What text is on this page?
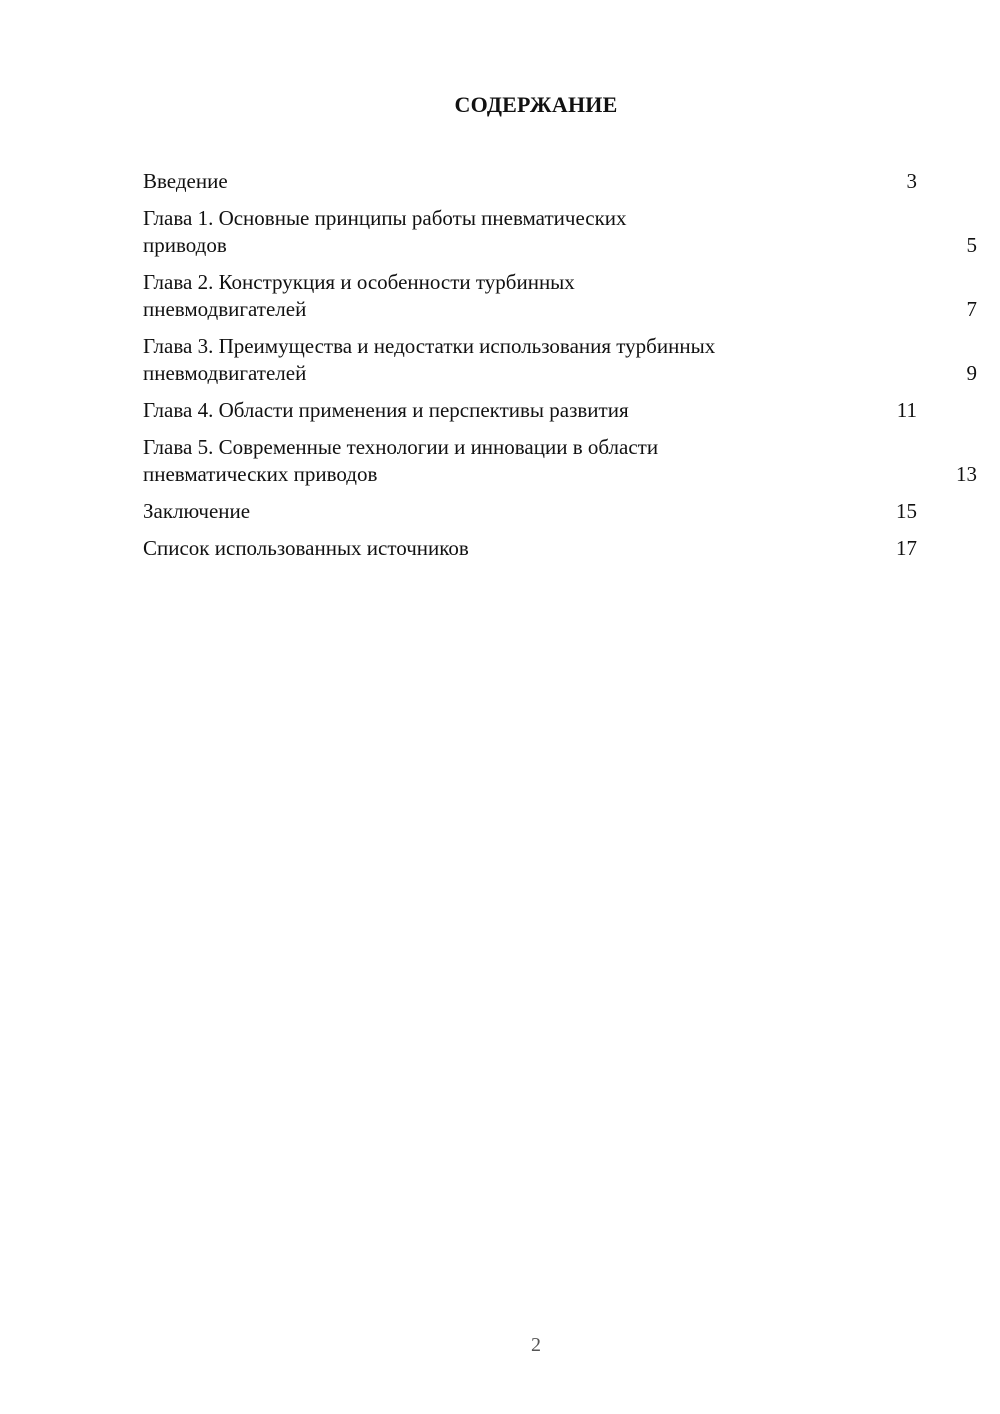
СОДЕРЖАНИЕ
Введение	3
Глава 1. Основные принципы работы пневматических приводов	5
Глава 2. Конструкция и особенности турбинных пневмодвигателей	7
Глава 3. Преимущества и недостатки использования турбинных пневмодвигателей	9
Глава 4. Области применения и перспективы развития	11
Глава 5. Современные технологии и инновации в области пневматических приводов	13
Заключение	15
Список использованных источников	17
2
